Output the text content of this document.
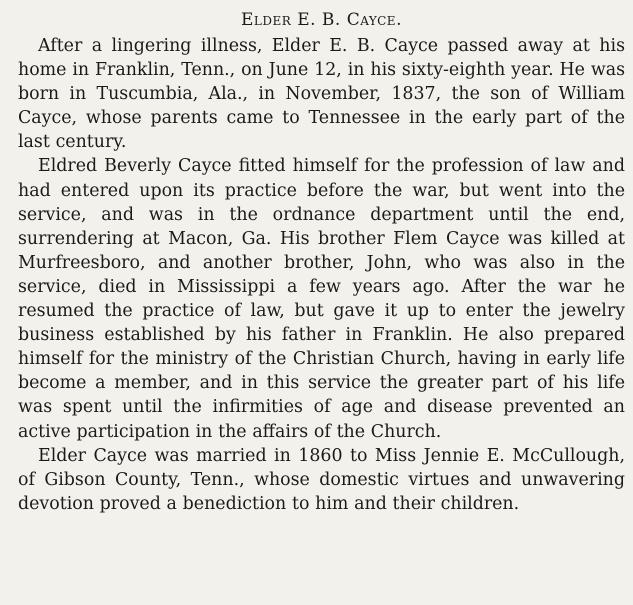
Elder E. B. Cayce.

After a lingering illness, Elder E. B. Cayce passed away at his home in Franklin, Tenn., on June 12, in his sixty-eighth year. He was born in Tuscumbia, Ala., in November, 1837, the son of William Cayce, whose parents came to Tennessee in the early part of the last century.

Eldred Beverly Cayce fitted himself for the profession of law and had entered upon its practice before the war, but went into the service, and was in the ordnance department until the end, surrendering at Macon, Ga. His brother Flem Cayce was killed at Murfreesboro, and another brother, John, who was also in the service, died in Mississippi a few years ago. After the war he resumed the practice of law, but gave it up to enter the jewelry business established by his father in Franklin. He also prepared himself for the ministry of the Christian Church, having in early life become a member, and in this service the greater part of his life was spent until the infirmities of age and disease prevented an active participation in the affairs of the Church.

Elder Cayce was married in 1860 to Miss Jennie E. McCullough, of Gibson County, Tenn., whose domestic virtues and unwavering devotion proved a benediction to him and their children.
